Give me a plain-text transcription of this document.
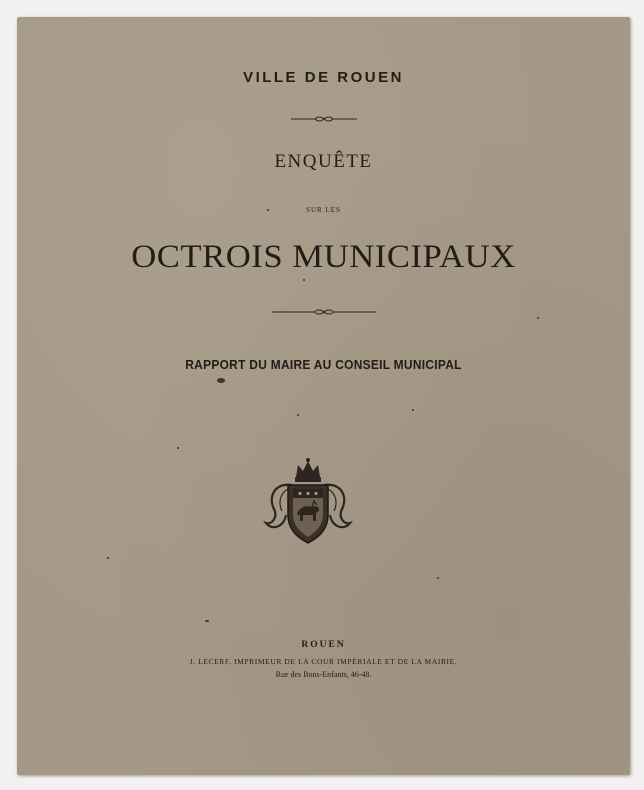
VILLE DE ROUEN
ENQUÊTE
SUR LES
OCTROIS MUNICIPAUX
RAPPORT DU MAIRE AU CONSEIL MUNICIPAL
ROUEN
J. LECERF, IMPRIMEUR DE LA COUR IMPÉRIALE ET DE LA MAIRIE,
Rue des Bons-Enfants, 46-48.
